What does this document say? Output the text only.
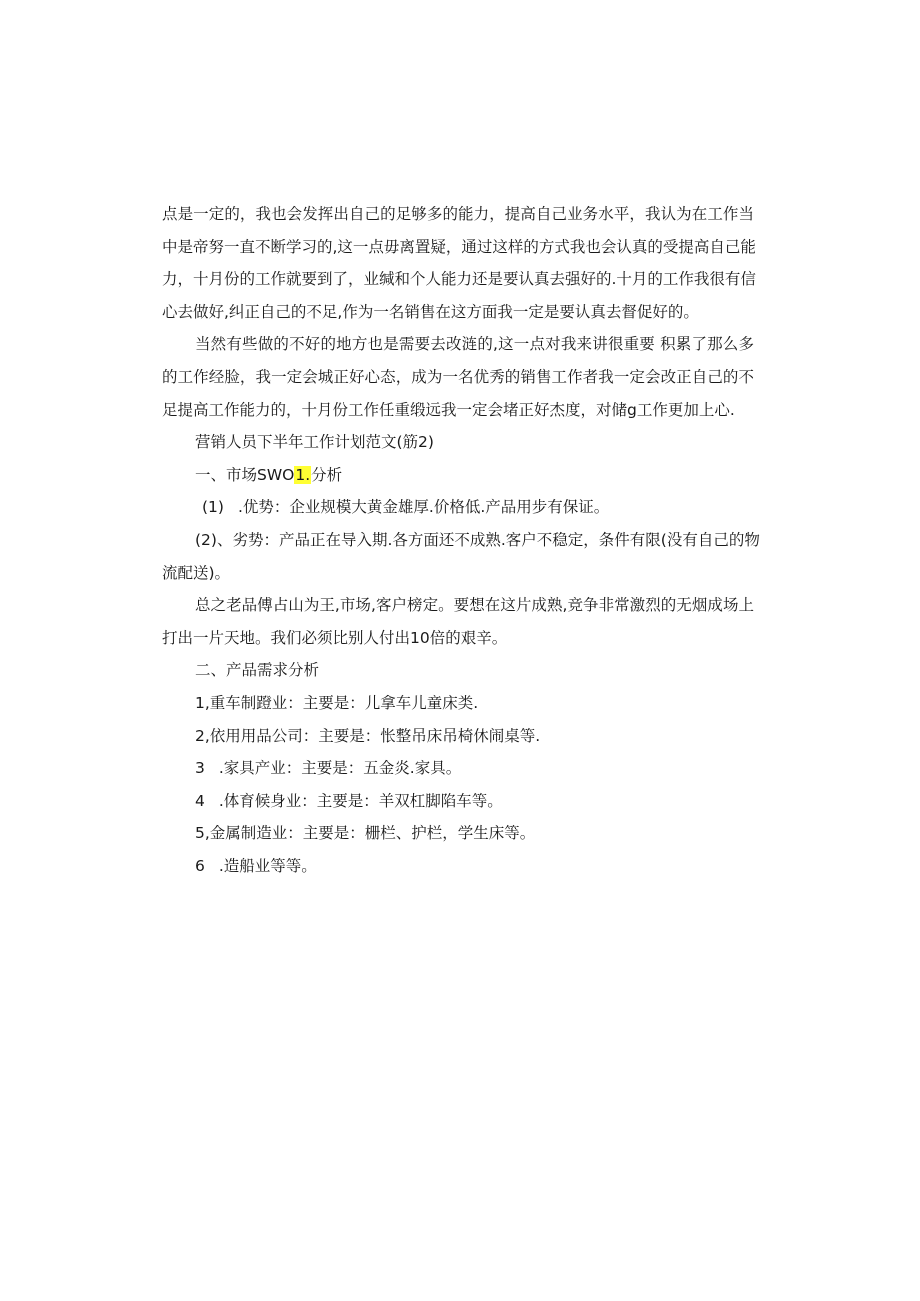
点是一定的，我也会发挥出自己的足够多的能力，提高自己业务水平，我认为在工作当

中是帝努一直不断学习的,这一点毋离置疑，通过这样的方式我也会认真的受提高自己能

力，十月份的工作就要到了，业缄和个人能力还是要认真去强好的.十月的工作我很有信

心去做好,纠正自己的不足,作为一名销售在这方面我一定是要认真去督促好的。

当然有些做的不好的地方也是需要去改涟的,这一点对我来讲很重要 积累了那么多

的工作经脸，我一定会城正好心态，成为一名优秀的销售工作者我一定会改正自己的不

足提高工作能力的，十月份工作任重缎远我一定会堵正好杰度，对储g工作更加上心.

营销人员下半年工作计划范文(筋2)

一、市场SWO1.分析

(1) .优势：企业规模大黄金雄厚.价格低.产品用步有保证。

(2)、劣势：产品正在导入期.各方面还不成熟.客户不稳定，条件有限(没有自己的物

流配送)。

总之老品傅占山为王,市场,客户榜定。要想在这片成熟,竞争非常激烈的无烟成场上

打出一片天地。我们必须比别人付出10倍的艰辛。

二、产品需求分析

1,重车制蹬业：主要是：儿拿车儿童床类.

2,依用用品公司：主要是：怅整吊床吊椅休闹桌等.

3 .家具产业：主要是：五金炎.家具。

4 .体育候身业：主要是：羊双杠脚陷车等。

5,金属制造业：主要是：栅栏、护栏，学生床等。

6 .造船业等等。
